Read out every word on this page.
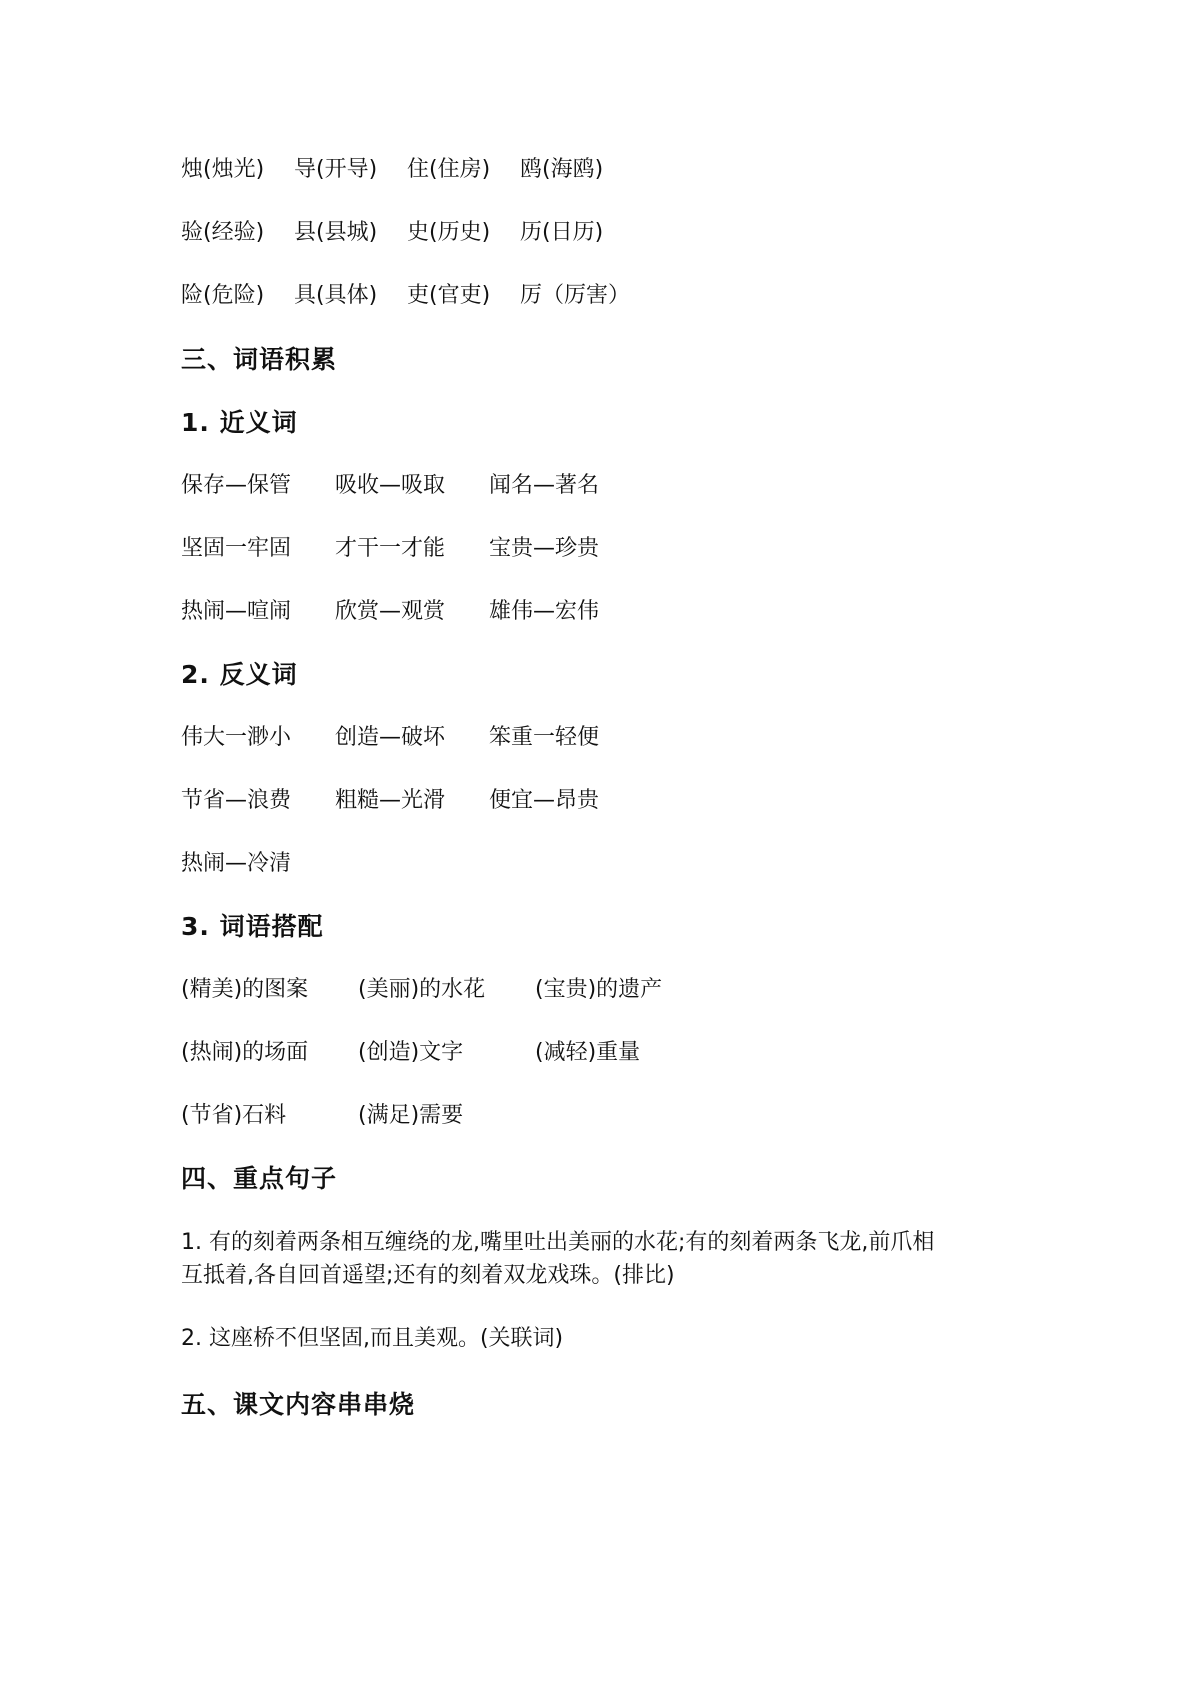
烛(烛光) 导(开导) 住(住房) 鸥(海鸥)
验(经验) 县(县城) 史(历史) 历(日历)
险(危险) 具(具体) 吏(官吏) 厉（厉害）
三、词语积累
1. 近义词
保存—保管 吸收—吸取 闻名—著名
坚固一牢固 才干一才能 宝贵—珍贵
热闹—喧闹 欣赏—观赏 雄伟—宏伟
2. 反义词
伟大一渺小 创造—破坏 笨重一轻便
节省—浪费 粗糙—光滑 便宜—昂贵
热闹—冷清
3. 词语搭配
(精美)的图案 (美丽)的水花 (宝贵)的遗产
(热闹)的场面 (创造)文字	(减轻)重量
(节省)石料	(满足)需要
四、重点句子
1. 有的刻着两条相互缠绕的龙,嘴里吐出美丽的水花;有的刻着两条飞龙,前爪相
互抵着,各自回首遥望;还有的刻着双龙戏珠。(排比)
2. 这座桥不但坚固,而且美观。(关联词)
五、课文内容串串烧
